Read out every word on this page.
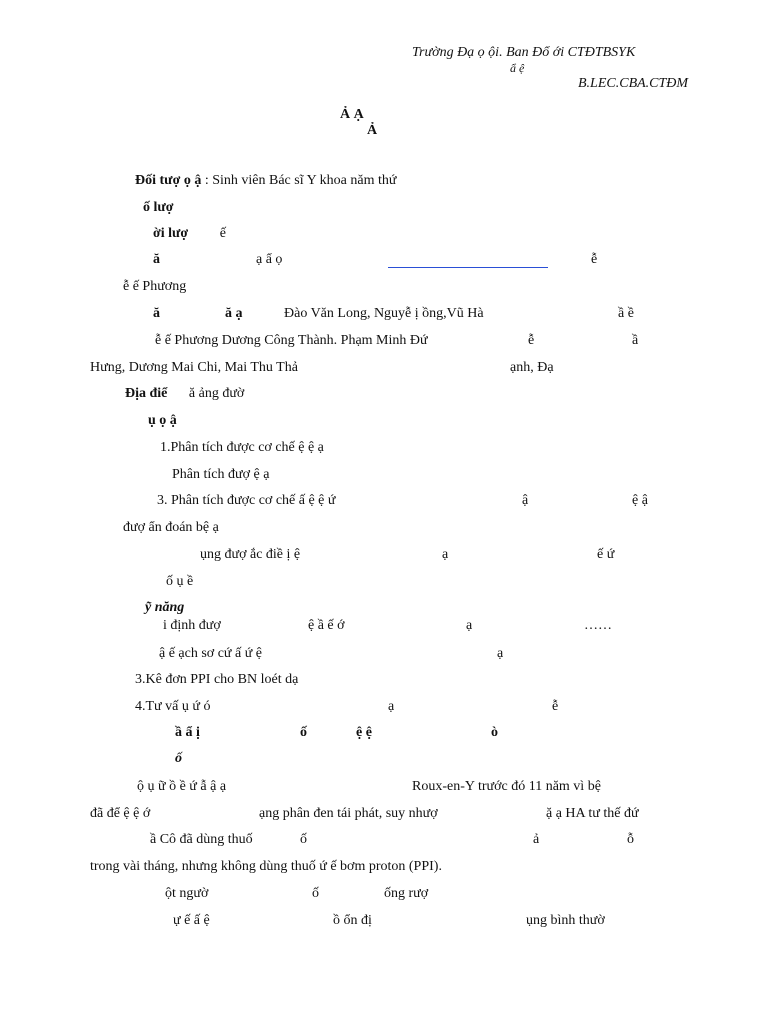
Trường Đạ ọ ội. Ban Đổ ới CTĐTBSYK
ẩ ệ
B.LEC.CBA.CTĐM
Ả Ạ
Ả
Đối tượ ọ ậ : Sinh viên Bác sĩ Y khoa năm thứ
ố lượ
ời lượ ế
ă	ạ ẩ ọ	ễ
ễ ế Phương
ă	ă ạ	Đào Văn Long, Nguyễ ị ồng,Vũ Hà	ầ ề
ễ ế Phương Dương Công Thành. Phạm Minh Đứ	ễ	ầ
Hưng, Dương Mai Chi, Mai Thu Thả	ạnh, Đạ
Địa điể ă ảng đườ
ụ ọ ậ
1.Phân tích được cơ chế ệ ệ ạ
Phân tích đượ ệ ạ
3. Phân tích được cơ chế ấ ệ ệ ứ	ậ	ệ ậ
đượ ẩn đoán bệ ạ
ụng đượ ắc điề ị ệ	ạ	ế ứ
ố ụ ề
ỹ năng
i định đượ	ệ ầ ế ớ	ạ	……
ậ ế ạch sơ cứ ấ ứ ệ	ạ
3.Kê đơn PPI cho BN loét dạ
4.Tư vấ ụ ứ ó	ạ	ễ
ầ ẩ ị	ố	ệ ệ	ò
ố
ộ ụ ữ ồ ề ứ ẫ ậ ạ	Roux-en-Y trước đó 11 năm vì bệ
đã để ệ ệ ớ	ạng phân đen tái phát, suy nhượ	ặ ạ HA tư thế đứ
ầ Cô đã dùng thuố	ố	ả	ỗ
trong vài tháng, nhưng không dùng thuố ứ ế bơm proton (PPI).
ột ngườ	ố	ống rượ
ự ế ấ ệ	ồ ổn đị	ụng bình thườ
